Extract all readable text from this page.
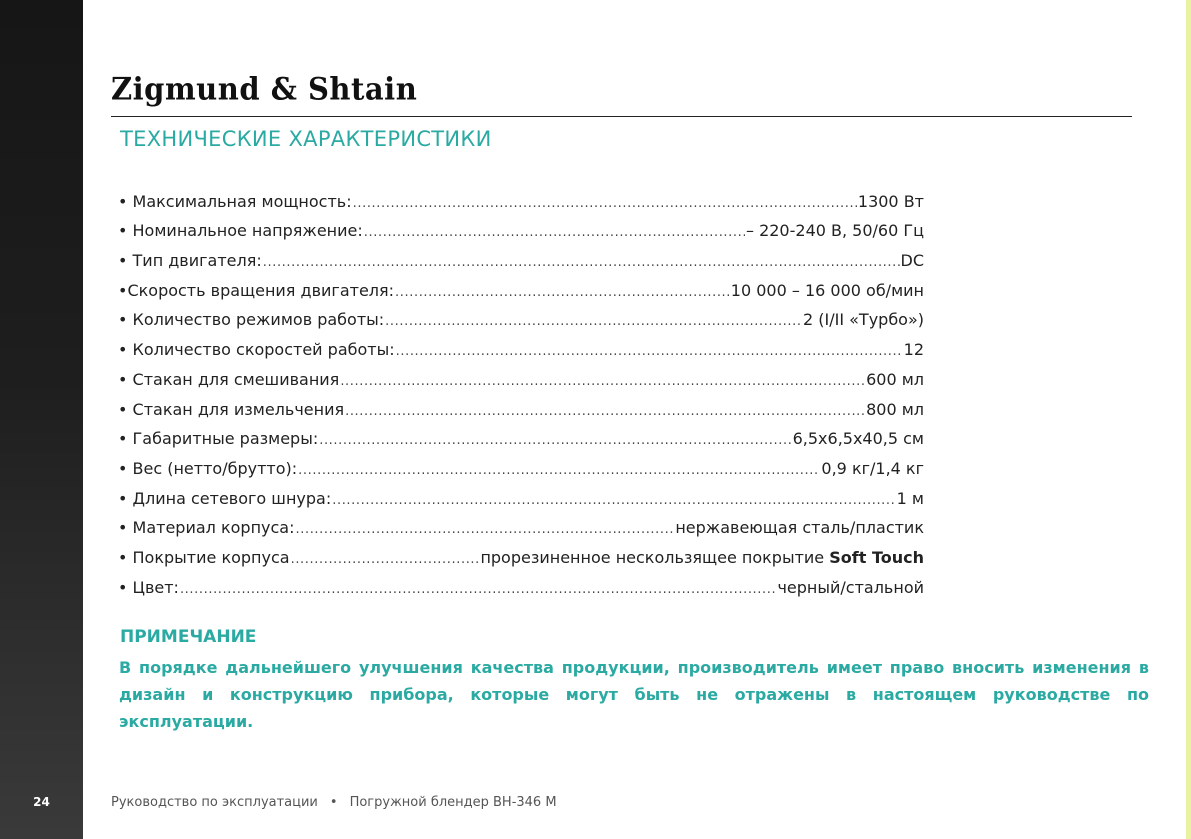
24
Zigmund & Shtain
ТЕХНИЧЕСКИЕ ХАРАКТЕРИСТИКИ
• Максимальная мощность: .....	1300 Вт
• Номинальное напряжение: .....	– 220-240 В, 50/60 Гц
• Тип двигателя: .....	DC
•Скорость вращения двигателя: .....	10 000 – 16 000 об/мин
• Количество режимов работы: .....	2 (I/II «Турбо»)
• Количество скоростей работы: .....	12
• Стакан для смешивания .....	600 мл
• Стакан для измельчения .....	800 мл
• Габаритные размеры: .....	6,5х6,5х40,5 см
• Вес (нетто/брутто): .....	0,9 кг/1,4 кг
• Длина сетевого шнура: .....	1 м
• Материал корпуса: .....	нержавеющая сталь/пластик
• Покрытие корпуса .....	прорезиненное нескользящее покрытие Soft Touch
• Цвет: .....	черный/стальной
ПРИМЕЧАНИЕ
В порядке дальнейшего улучшения качества продукции, производитель имеет право вносить изменения в дизайн и конструкцию прибора, которые могут быть не отражены в настоящем руководстве по эксплуатации.
Руководство по эксплуатации • Погружной блендер BH-346 M
